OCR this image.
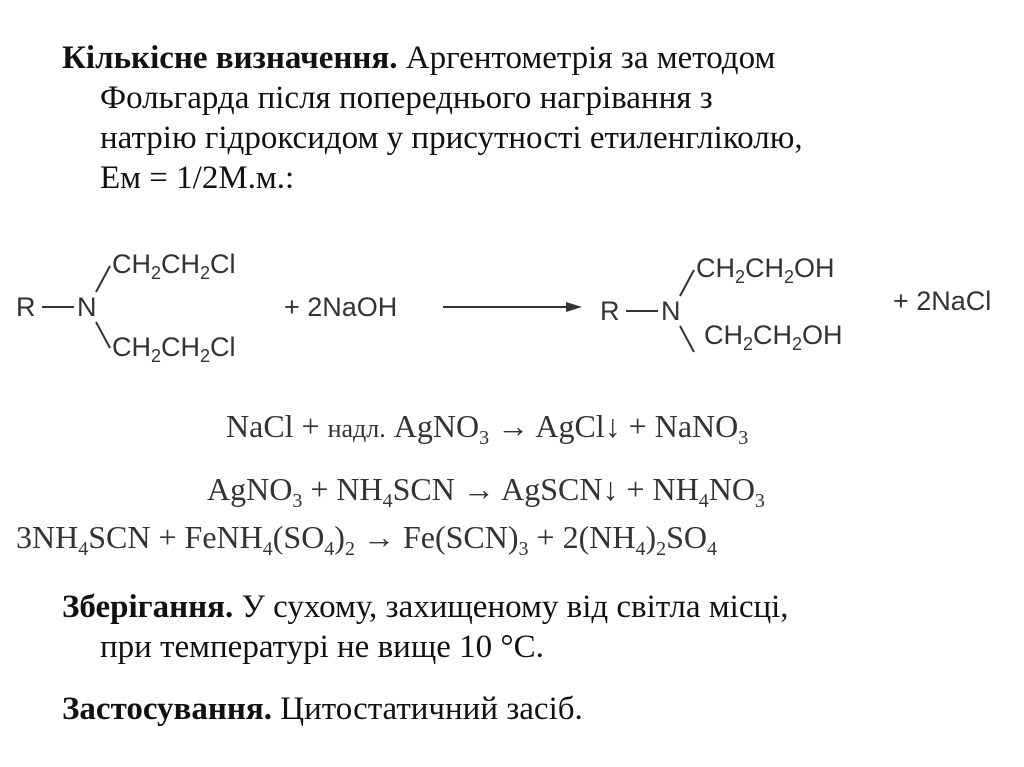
Кількісне визначення. Аргентометрія за методом
Фольгарда після попереднього нагрівання з
натрію гідроксидом у присутності етиленгліколю,
Ем = 1/2М.м.:
R N
$CH_2CH_2Cl$
$CH_2CH_2Cl$
+ 2NaOH	R N
$CH_2CH_2OH$
$CH_2CH_2OH$
+ 2NaCl
NaCl + надл. AgNO$_3$ → AgCl↓ + NaNO$_3$
AgNO$_3$ + $NH_4SCN$ → AgSCN↓ + $NH_4NO_3$
$3NH_4SCN$ + $FeNH_4(SO_4)_2 \to Fe(SCN)_3 + 2(NH_4)_2SO_4$
Зберігання. У сухому, захищеному від світла місці,
при температурі не вище 10 °С.
Застосування. Цитостатичний засіб.
